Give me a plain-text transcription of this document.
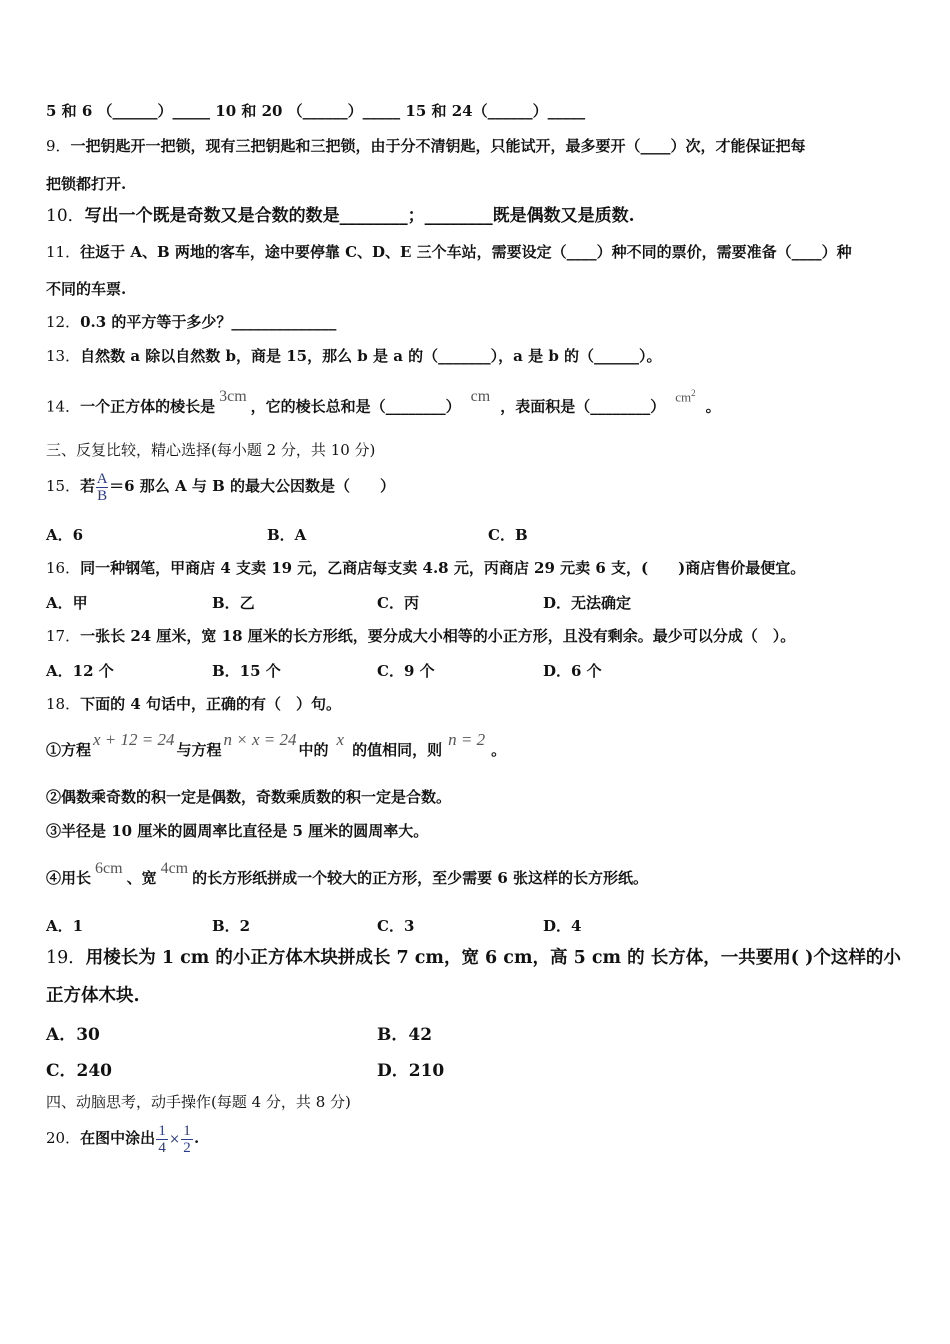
5 和 6 （______）_____ 10 和 20 （______）_____ 15 和 24（______）_____
9．一把钥匙开一把锁，现有三把钥匙和三把锁，由于分不清钥匙，只能试开，最多要开（____）次，才能保证把每
把锁都打开.
10．写出一个既是奇数又是合数的数是________；________既是偶数又是质数.
11．往返于 A、B 两地的客车，途中要停靠 C、D、E 三个车站，需要设定（____）种不同的票价，需要准备（____）种
不同的车票.
12．0.3 的平方等于多少？______________
13．自然数 a 除以自然数 b，商是 15，那么 b 是 a 的（_______），a 是 b 的（______）。
14．一个正方体的棱长是3cm，它的棱长总和是（________）cm，表面积是$(\_\_\_\_\_\_\_\_)cm^2$。
三、反复比较，精心选择(每小题 2 分，共 10 分)
15．若 $\frac{A}{B} =6$ 那么 A 与 B 的最大公因数是（　　）
A．6	B．A	C．B
16．同一种钢笔，甲商店 4 支卖 19 元，乙商店每支卖 4.8 元，丙商店 29 元卖 6 支，(　　)商店售价最便宜。
A．甲	B．乙	C．丙	D．无法确定
17．一张长 24 厘米，宽 18 厘米的长方形纸，要分成大小相等的小正方形，且没有剩余。最少可以分成（　）。
A．12 个	B．15 个	C．9 个	D．6 个
18．下面的 4 句话中，正确的有（　）句。
①方程x + 12 = 24与方程n × x = 24中的x的值相同，则n = 2。
②偶数乘奇数的积一定是偶数，奇数乘质数的积一定是合数。
③半径是 10 厘米的圆周率比直径是 5 厘米的圆周率大。
④用长6cm、宽4cm的长方形纸拼成一个较大的正方形，至少需要 6 张这样的长方形纸。
A．1	B．2	C．3	D．4
19．用棱长为 1 cm 的小正方体木块拼成长 7 cm，宽 6 cm，高 5 cm 的 长方体，一共要用( )个这样的小
正方体木块.
A．30	B．42
C．240	D．210
四、动脑思考，动手操作(每题 4 分，共 8 分)
20．在图中涂出 $\frac{1}{4} \times \frac{1}{2}$ .
